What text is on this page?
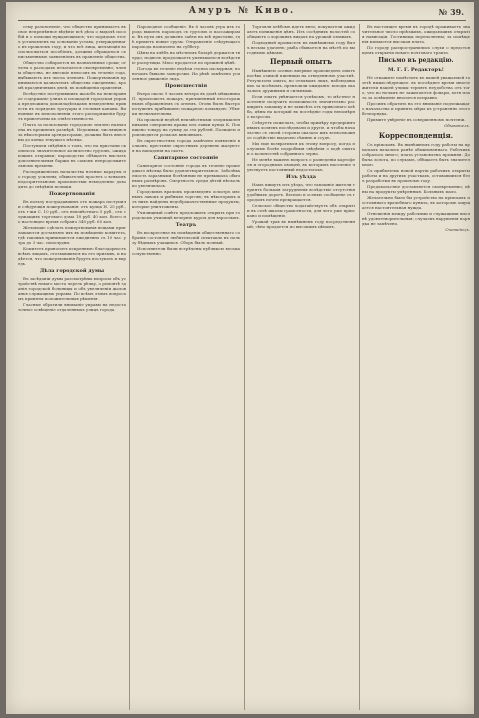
Амуръ № Киво.	№ 39.

сему разъясненіе, что общество принимаетъ въ свое непремѣнное вѣдѣніе всѣ дѣла о выдачѣ пособій и о помощи нуждающимся; что порядокъ этотъ установленъ на основаніи устава, утвержденнаго въ прошломъ году, и что всѣ лица, желающія воспользоваться пособіемъ, должны обращаться съ письменнымъ заявленіемъ въ правленіе общества.

Общество собирается въ назначенные сроки; отчеты о расходахъ печатаются своевременно; члены общества, не внесшіе взносовъ въ теченіе года, выбываютъ изъ числа членовъ. Пожертвованія принимаются казначеемъ общества ежедневно, кромѣ праздничныхъ дней, въ помѣщеніи правленія.

Вслѣдствіе поступившихъ жалобъ на неисправное содержаніе улицъ и площадей городская управа предложила домовладѣльцамъ немедленно привести въ порядокъ тротуары и сточныя канавы. Виновные въ неисполненіи этого распоряженія будутъ привлечены къ отвѣтственности.

Плата за пользованіе городскою землею назначена въ прежнемъ размѣрѣ. Недоимки, числящіяся за нѣкоторыми арендаторами, должны быть внесены до конца текущаго мѣсяца.

Поступили свѣдѣнія о томъ, что на пристани скопилось значительное количество грузовъ, ожидающихъ отправки; пароходство обѣщаетъ выслать дополнительныя баржи въ самомъ непродолжительномъ времени.

Распоряженіемъ начальства ночные караулы по городу усилены; обывателей просятъ о всякомъ подозрительномъ происшествіи немедленно доводить до свѣдѣнія полиціи.

Пожертвованія

Въ пользу пострадавшихъ отъ пожара поступили слѣдующія пожертвованія: отъ купца Н. 25 руб., отъ г-жи С. 10 руб., отъ неизвѣстнаго 5 руб., отъ служащихъ торговаго дома 18 руб. 40 коп. Всего по настоящее время собрано 348 руб. 65 коп.

Желающіе сдѣлать пожертвованія вещами приглашаются доставлять ихъ въ помѣщеніе комитета, гдѣ таковыя принимаются ежедневно съ 10 час. утра до 3 час. пополудни.

Комитетъ приноситъ искреннюю благодарность всѣмъ лицамъ, отозвавшимся на его призывъ, и надѣется, что пожертвованія будутъ поступать и впредь.

Дѣла городской думы

Въ засѣданіи думы разсмотрѣны вопросы объ устройствѣ новаго моста черезъ рѣчку, о ремонтѣ зданія городской больницы и объ увеличеніи жалованья служащимъ управы. По всѣмъ этимъ вопросамъ приняты положительныя рѣшенія.

Гласные обратили вниманіе управы на недостаточное освѣщеніе отдаленныхъ улицъ города.

Пароходное сообщеніе. Въ 6 часовъ утра изъ города вышелъ пароходъ съ грузомъ и пассажирами. Въ пути онъ долженъ зайти на всѣ пристани, гдѣ приметъ новые грузы. Отправленіе слѣдующаго парохода назначено на субботу.

Цѣны на хлѣбъ на мѣстномъ базарѣ держатся твердо; подвозъ продолжаетъ уменьшаться вслѣдствіе распутицы. Мясо продается по прежней цѣнѣ.

Погода въ теченіе недѣли стояла пасмурная; по ночамъ бывали заморозки. На рѣкѣ замѣчено усиленное движеніе льда.

Происшествія

Вчера около 9 часовъ вечера въ домѣ мѣщанина П. произошелъ пожаръ, причиненный неосторожнымъ обращеніемъ съ огнемъ. Огонь былъ быстро потушенъ прибывшею пожарною командою. Убытки незначительны.

На прошлой недѣлѣ неизвѣстными злоумышленниками совершена кража изъ лавки купца К. Похищено товару на сумму до ста рублей. Полиціею производится розыскъ виновныхъ.

Въ окрестностяхъ города замѣчено появленіе волковъ; крестьяне окрестныхъ деревень жалуются на нападенія на скотъ.

Санитарное состояніе

Санитарное состояніе города въ теченіе прошедшаго мѣсяца было удовлетворительное. Заболѣваемость заразными болѣзнями не превышала обычныхъ размѣровъ. Смертность среди дѣтей нѣсколько увеличилась.

Городскимъ врачомъ произведенъ осмотръ мясныхъ лавокъ и рыбныхъ торговъ; въ нѣкоторыхъ изъ нихъ найдены недоброкачественные продукты, которые уничтожены.

Училищный совѣтъ предложилъ открыть при городскомъ училищѣ вечерніе курсы для взрослыхъ.

Театръ

Въ воскресенье въ помѣщеніи общественнаго собранія состоялся любительскій спектакль въ пользу бѣдныхъ учащихся. Сборъ былъ полный.

Исполнители были встрѣчены публикою весьма сочувственно.

Торговля хлѣбомъ идетъ вяло; покупатели ожидаютъ пониженія цѣнъ. Изъ сосѣднихъ волостей сообщаютъ о хорошихъ видахъ на урожай озимыхъ.

Подводный промыселъ въ нынѣшнемъ году былъ весьма удаченъ; рыба сбывается на мѣстѣ по выгоднымъ цѣнамъ.

Первый опытъ

Нынѣшнею осенью впервые произведенъ опытъ посѣва озимой пшеницы на отведенномъ участкѣ. Результаты опыта, по отзывамъ лицъ, наблюдавшихъ за посѣвомъ, превзошли ожиданія: всходы оказались дружными и сильными.

Если опытъ увѣнчается успѣхомъ, то мѣстное населеніе получитъ возможность значительно расширить запашку и не зависѣть отъ привознаго хлѣба, цѣны на который въ послѣдніе годы непомѣрно возросли.

Слѣдуетъ пожелать, чтобы примѣру предпріимчивыхъ хозяевъ послѣдовали и другіе, и чтобы начальство съ своей стороны оказало имъ всевозможное содѣйствіе выдачею сѣмянъ и ссудъ.

Мы еще возвратимся къ этому вопросу, когда получимъ болѣе подробныя свѣдѣнія о ходѣ опыта и о количествѣ собраннаго зерна.

Не менѣе важенъ вопросъ о разведеніи картофеля и огородныхъ овощей, въ которыхъ населеніе чувствуетъ постоянный недостатокъ.

Изъ уѣзда

Намъ пишутъ изъ уѣзда, что тамошніе жители терпятъ большія затрудненія вслѣдствіе отсутствія удобныхъ дорогъ. Весною и осенью сообщеніе съ городомъ почти прекращается.

Сельское общество ходатайствуетъ объ открытіи въ селѣ школы грамотности, для чего уже пріискано и помѣщеніе.

Урожай трав въ нынѣшнемъ году посредственный; сѣно продается по высокимъ цѣнамъ.

Въ настоящее время въ городѣ проживаетъ значительное число пріѣзжихъ, ожидающихъ открытія навигаціи. Гостиницы переполнены; за помѣщенія взимается высокая плата.

По городу распространились слухи о предстоящемъ открытіи новаго почтоваго тракта.

Письмо въ редакцію.
М. Г. Г. Редакторъ!

Не откажите помѣстить въ вашей уважаемой газетѣ нижеслѣдующее: въ послѣднее время многіе жители нашей улицы терпятъ неудобства отъ того, что по ночамъ не зажигаются фонари, хотя плата за освѣщеніе вносится исправно.

Просимъ обратить на это вниманіе подлежащаго начальства и принять мѣры къ устраненію этого безпорядка.

Примите увѣреніе въ совершенномъ почтеніи.

Обыватель.
Корреспонденція.

Съ пріисковъ. Въ нынѣшнемъ году работы на пріискахъ начались ранѣе обыкновеннаго. Рабочихъ собралось много; плата установлена прежняя. Добыча золота, по слухамъ, обѣщаетъ быть значительною.

Съ прибытіемъ новой партіи рабочихъ открыты работы и на другихъ участкахъ, остававшихся безъ разработки въ прошломъ году.

Продовольствіе доставляется своевременно; цѣны на продукты умѣренныя. Больныхъ мало.

Желательно было бы устройство на пріискахъ постояннаго врачебнаго пункта, въ которомъ ощущается настоятельная нужда.

Отношенія между рабочими и служащими вполнѣ удовлетворительныя; случаевъ нарушенія порядка не замѣчено.

Очевидецъ.
